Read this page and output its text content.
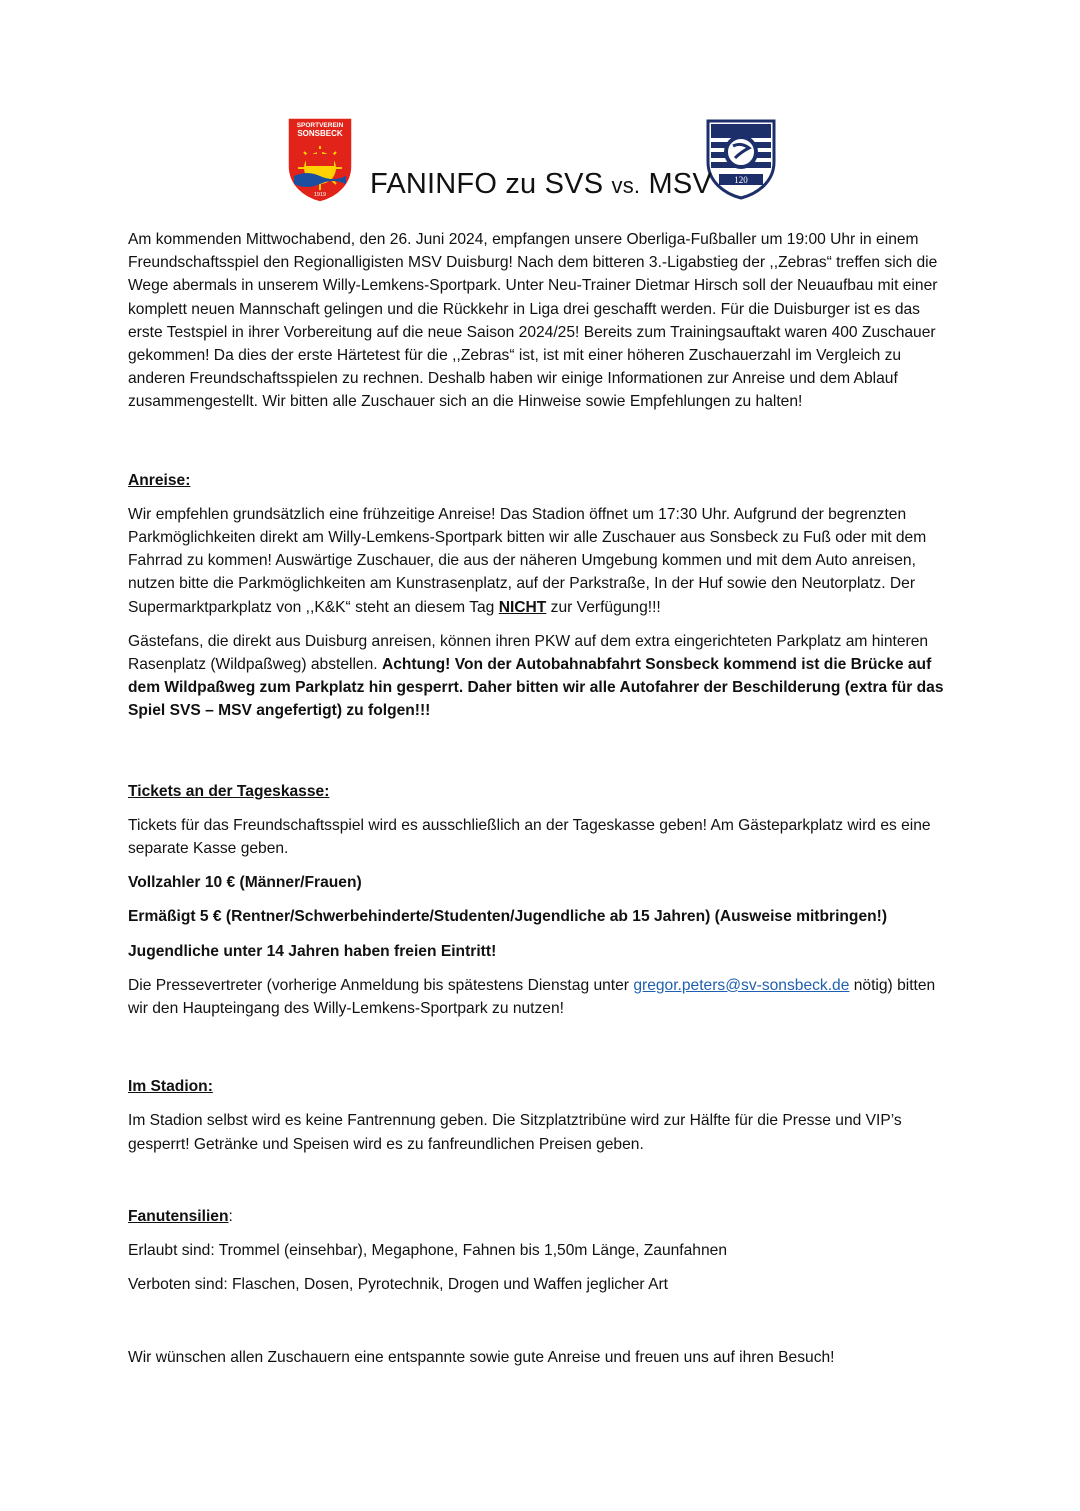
SPORTVEREIN
SONSBECK
1919
120
FANINFO zu SVS vs. MSV

Am kommenden Mittwochabend, den 26. Juni 2024, empfangen unsere Oberliga-Fußballer um 19:00 Uhr in einem Freundschaftsspiel den Regionalligisten MSV Duisburg! Nach dem bitteren 3.-Ligabstieg der ,,Zebras“ treffen sich die Wege abermals in unserem Willy-Lemkens-Sportpark. Unter Neu-Trainer Dietmar Hirsch soll der Neuaufbau mit einer komplett neuen Mannschaft gelingen und die Rückkehr in Liga drei geschafft werden. Für die Duisburger ist es das erste Testspiel in ihrer Vorbereitung auf die neue Saison 2024/25! Bereits zum Trainingsauftakt waren 400 Zuschauer gekommen! Da dies der erste Härtetest für die ,,Zebras“ ist, ist mit einer höheren Zuschauerzahl im Vergleich zu anderen Freundschaftsspielen zu rechnen. Deshalb haben wir einige Informationen zur Anreise und dem Ablauf zusammengestellt. Wir bitten alle Zuschauer sich an die Hinweise sowie Empfehlungen zu halten!

Anreise:

Wir empfehlen grundsätzlich eine frühzeitige Anreise! Das Stadion öffnet um 17:30 Uhr. Aufgrund der begrenzten Parkmöglichkeiten direkt am Willy-Lemkens-Sportpark bitten wir alle Zuschauer aus Sonsbeck zu Fuß oder mit dem Fahrrad zu kommen! Auswärtige Zuschauer, die aus der näheren Umgebung kommen und mit dem Auto anreisen, nutzen bitte die Parkmöglichkeiten am Kunstrasenplatz, auf der Parkstraße, In der Huf sowie den Neutorplatz. Der Supermarktparkplatz von ,,K&K“ steht an diesem Tag NICHT zur Verfügung!!!

Gästefans, die direkt aus Duisburg anreisen, können ihren PKW auf dem extra eingerichteten Parkplatz am hinteren Rasenplatz (Wildpaßweg) abstellen. Achtung! Von der Autobahnabfahrt Sonsbeck kommend ist die Brücke auf dem Wildpaßweg zum Parkplatz hin gesperrt. Daher bitten wir alle Autofahrer der Beschilderung (extra für das Spiel SVS – MSV angefertigt) zu folgen!!!

Tickets an der Tageskasse:

Tickets für das Freundschaftsspiel wird es ausschließlich an der Tageskasse geben! Am Gästeparkplatz wird es eine separate Kasse geben.

Vollzahler 10 € (Männer/Frauen)

Ermäßigt 5 € (Rentner/Schwerbehinderte/Studenten/Jugendliche ab 15 Jahren) (Ausweise mitbringen!)

Jugendliche unter 14 Jahren haben freien Eintritt!

Die Pressevertreter (vorherige Anmeldung bis spätestens Dienstag unter gregor.peters@sv-sonsbeck.de nötig) bitten wir den Haupteingang des Willy-Lemkens-Sportpark zu nutzen!

Im Stadion:

Im Stadion selbst wird es keine Fantrennung geben. Die Sitzplatztribüne wird zur Hälfte für die Presse und VIP’s gesperrt! Getränke und Speisen wird es zu fanfreundlichen Preisen geben.

Fanutensilien:

Erlaubt sind: Trommel (einsehbar), Megaphone, Fahnen bis 1,50m Länge, Zaunfahnen

Verboten sind: Flaschen, Dosen, Pyrotechnik, Drogen und Waffen jeglicher Art

Wir wünschen allen Zuschauern eine entspannte sowie gute Anreise und freuen uns auf ihren Besuch!
